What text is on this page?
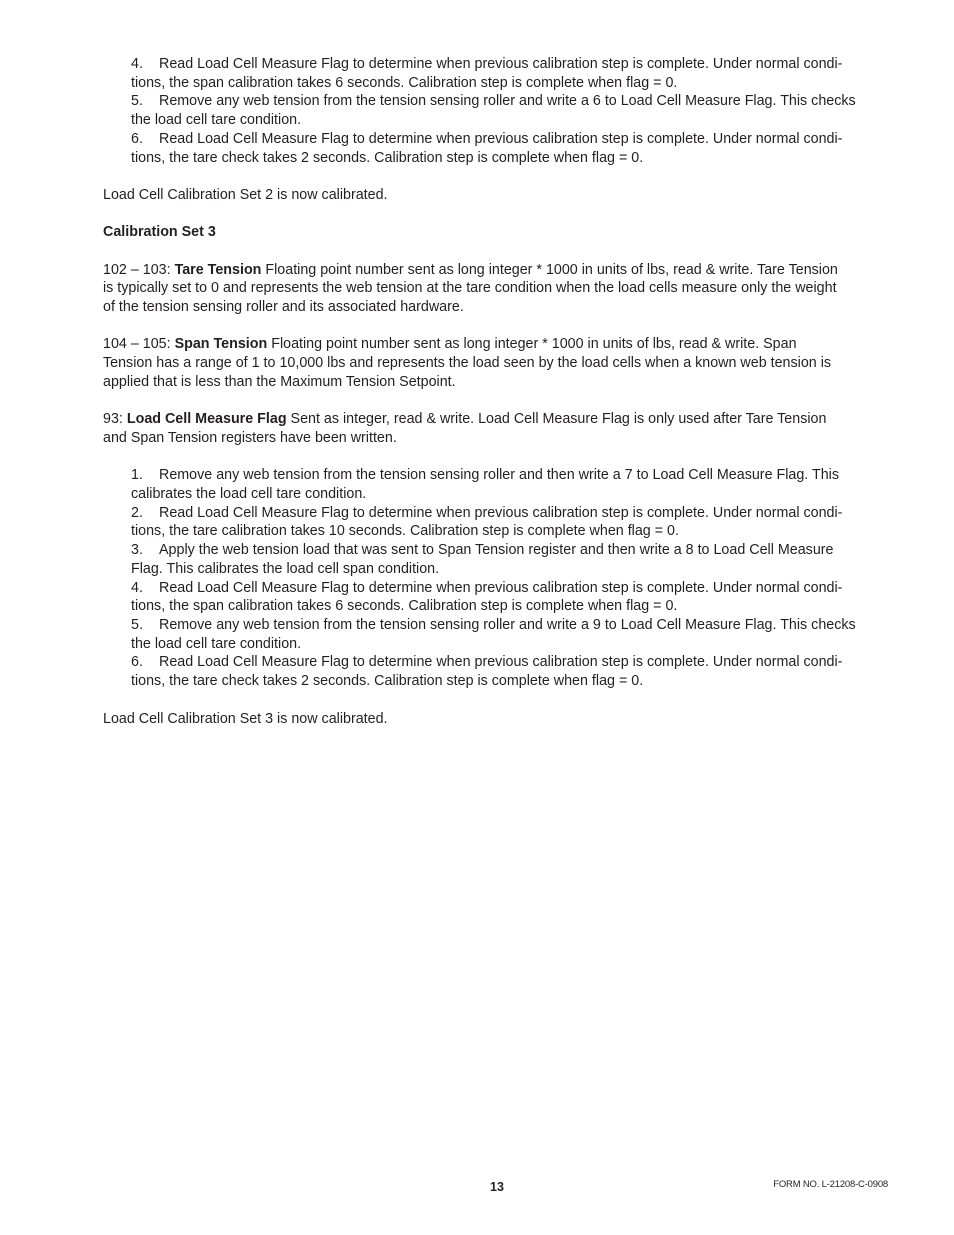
4. Read Load Cell Measure Flag to determine when previous calibration step is complete. Under normal condi-
tions, the span calibration takes 6 seconds. Calibration step is complete when flag = 0.
5. Remove any web tension from the tension sensing roller and write a 6 to Load Cell Measure Flag. This checks
the load cell tare condition.
6. Read Load Cell Measure Flag to determine when previous calibration step is complete. Under normal condi-
tions, the tare check takes 2 seconds. Calibration step is complete when flag = 0.

Load Cell Calibration Set 2 is now calibrated.

Calibration Set 3

102 – 103: Tare Tension Floating point number sent as long integer * 1000 in units of lbs, read & write. Tare Tension
is typically set to 0 and represents the web tension at the tare condition when the load cells measure only the weight
of the tension sensing roller and its associated hardware.

104 – 105: Span Tension Floating point number sent as long integer * 1000 in units of lbs, read & write. Span
Tension has a range of 1 to 10,000 lbs and represents the load seen by the load cells when a known web tension is
applied that is less than the Maximum Tension Setpoint.

93: Load Cell Measure Flag Sent as integer, read & write. Load Cell Measure Flag is only used after Tare Tension
and Span Tension registers have been written.

1. Remove any web tension from the tension sensing roller and then write a 7 to Load Cell Measure Flag. This
calibrates the load cell tare condition.
2. Read Load Cell Measure Flag to determine when previous calibration step is complete. Under normal condi-
tions, the tare calibration takes 10 seconds. Calibration step is complete when flag = 0.
3. Apply the web tension load that was sent to Span Tension register and then write a 8 to Load Cell Measure
Flag. This calibrates the load cell span condition.
4. Read Load Cell Measure Flag to determine when previous calibration step is complete. Under normal condi-
tions, the span calibration takes 6 seconds. Calibration step is complete when flag = 0.
5. Remove any web tension from the tension sensing roller and write a 9 to Load Cell Measure Flag. This checks
the load cell tare condition.
6. Read Load Cell Measure Flag to determine when previous calibration step is complete. Under normal condi-
tions, the tare check takes 2 seconds. Calibration step is complete when flag = 0.

Load Cell Calibration Set 3 is now calibrated.

13	FORM NO. L-21208-C-0908
